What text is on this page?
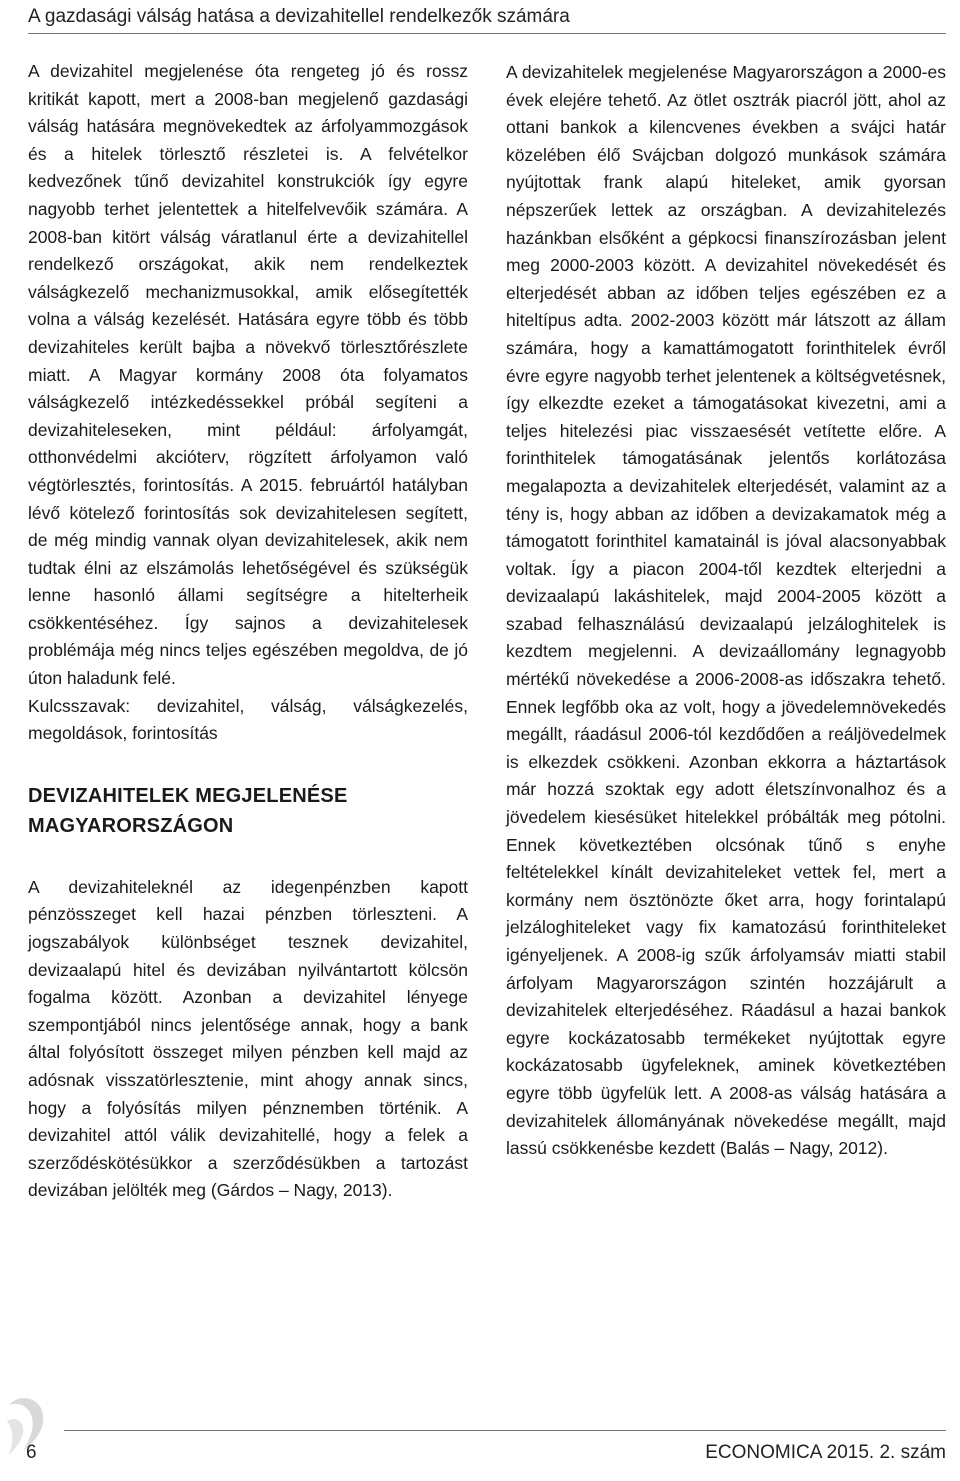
A gazdasági válság hatása a devizahitellel rendelkezők számára

A devizahitel megjelenése óta rengeteg jó és rossz kritikát kapott, mert a 2008-ban megjelenő gazdasági válság hatására megnövekedtek az árfolyammozgások és a hitelek törlesztő részletei is. A felvételkor kedvezőnek tűnő devizahitel konstrukciók így egyre nagyobb terhet jelentettek a hitelfelvevőik számára. A 2008-ban kitört válság váratlanul érte a devizahitellel rendelkező országokat, akik nem rendelkeztek válságkezelő mechanizmusokkal, amik elősegítették volna a válság kezelését. Hatására egyre több és több devizahiteles került bajba a növekvő törlesztőrészlete miatt. A Magyar kormány 2008 óta folyamatos válságkezelő intézkedéssekkel próbál segíteni a devizahiteleseken, mint például: árfolyamgát, otthonvédelmi akcióterv, rögzített árfolyamon való végtörlesztés, forintosítás. A 2015. februártól hatályban lévő kötelező forintosítás sok devizahitelesen segített, de még mindig vannak olyan devizahitelesek, akik nem tudtak élni az elszámolás lehetőségével és szükségük lenne hasonló állami segítségre a hitelterheik csökkentéséhez. Így sajnos a devizahitelesek problémája még nincs teljes egészében megoldva, de jó úton haladunk felé.

Kulcsszavak: devizahitel, válság, válságkezelés, megoldások, forintosítás

DEVIZAHITELEK MEGJELENÉSE MAGYARORSZÁGON

A devizahiteleknél az idegenpénzben kapott pénzösszeget kell hazai pénzben törleszteni. A jogszabályok különbséget tesznek devizahitel, devizaalapú hitel és devizában nyilvántartott kölcsön fogalma között. Azonban a devizahitel lényege szempontjából nincs jelentősége annak, hogy a bank által folyósított összeget milyen pénzben kell majd az adósnak visszatörlesztenie, mint ahogy annak sincs, hogy a folyósítás milyen pénznemben történik. A devizahitel attól válik devizahitellé, hogy a felek a szerződéskötésükkor a szerződésükben a tartozást devizában jelölték meg (Gárdos – Nagy, 2013).

A devizahitelek megjelenése Magyarországon a 2000-es évek elejére tehető. Az ötlet osztrák piacról jött, ahol az ottani bankok a kilencvenes években a svájci határ közelében élő Svájcban dolgozó munkások számára nyújtottak frank alapú hiteleket, amik gyorsan népszerűek lettek az országban. A devizahitelezés hazánkban elsőként a gépkocsi finanszírozásban jelent meg 2000-2003 között. A devizahitel növekedését és elterjedését abban az időben teljes egészében ez a hiteltípus adta. 2002-2003 között már látszott az állam számára, hogy a kamattámogatott forinthitelek évről évre egyre nagyobb terhet jelentenek a költségvetésnek, így elkezdte ezeket a támogatásokat kivezetni, ami a teljes hitelezési piac visszaesését vetítette előre. A forinthitelek támogatásának jelentős korlátozása megalapozta a devizahitelek elterjedését, valamint az a tény is, hogy abban az időben a devizakamatok még a támogatott forinthitel kamatainál is jóval alacsonyabbak voltak. Így a piacon 2004-től kezdtek elterjedni a devizaalapú lakáshitelek, majd 2004-2005 között a szabad felhasználású devizaalapú jelzáloghitelek is kezdtem megjelenni. A devizaállomány legnagyobb mértékű növekedése a 2006-2008-as időszakra tehető. Ennek legfőbb oka az volt, hogy a jövedelemnövekedés megállt, ráadásul 2006-tól kezdődően a reáljövedelmek is elkezdek csökkeni. Azonban ekkorra a háztartások már hozzá szoktak egy adott életszínvonalhoz és a jövedelem kiesésüket hitelekkel próbálták meg pótolni. Ennek következtében olcsónak tűnő s enyhe feltételekkel kínált devizahiteleket vettek fel, mert a kormány nem ösztönözte őket arra, hogy forintalapú jelzáloghiteleket vagy fix kamatozású forinthiteleket igényeljenek. A 2008-ig szűk árfolyamsáv miatti stabil árfolyam Magyarországon szintén hozzájárult a devizahitelek elterjedéséhez. Ráadásul a hazai bankok egyre kockázatosabb termékeket nyújtottak egyre kockázatosabb ügyfeleknek, aminek következtében egyre több ügyfelük lett. A 2008-as válság hatására a devizahitelek állományának növekedése megállt, majd lassú csökkenésbe kezdett (Balás – Nagy, 2012).

6	ECONOMICA 2015. 2. szám
